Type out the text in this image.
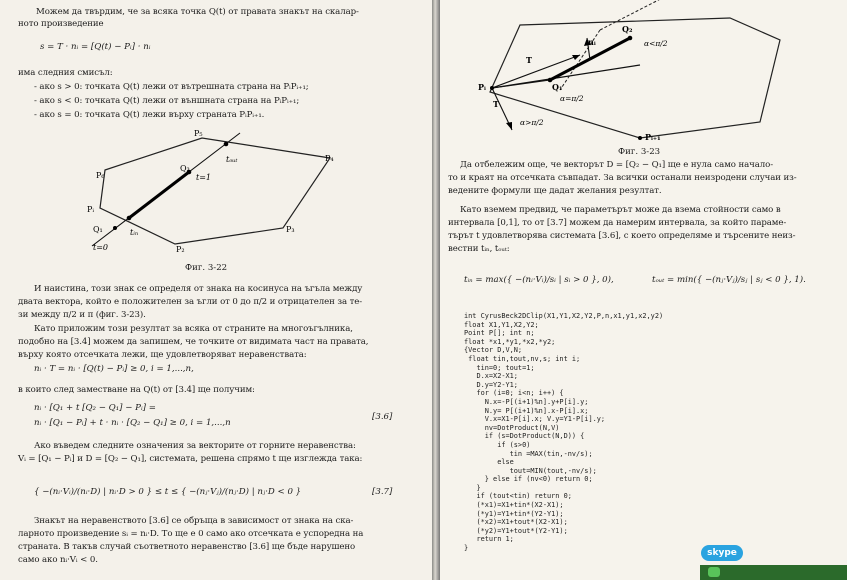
Можем да твърдим, че за всяка точка Q(t) от правата знакът на скалар-
ното произведение
има следния смисъл:
- ако s > 0: точката Q(t) лежи от вътрешната страна на PᵢPᵢ₊₁;
- ако s < 0: точката Q(t) лежи от външната страна на PᵢPᵢ₊₁;
- ако s = 0: точката Q(t) лежи върху страната PᵢPᵢ₊₁.
И наистина, този знак се определя от знака на косинуса на ъгъла между
двата вектора, който е положителен за ъгли от 0 до π/2 и отрицателен за те-
зи между π/2 и π (фиг. 3-23).
Като приложим този резултат за всяка от страните на многоъгълника,
подобно на [3.4] можем да запишем, че точките от видимата част на правата,
върху която отсечката лежи, ще удовлетворяват неравенствата:
в които след заместване на Q(t) от [3.4] ще получим:
Ако въведем следните означения за векторите от горните неравенства:
Vᵢ = [Q₁ − Pᵢ] и D = [Q₂ − Q₁], системата, решена спрямо t ще изглежда така:
Знакът на неравенството [3.6] се обръща в зависимост от знака на ска-
ларното произведение sᵢ = nᵢ·D. То ще е 0 само ако отсечката е успоредна на
страната. В такъв случай съответното неравенство [3.6] ще бъде нарушено
само ако nᵢ·Vᵢ < 0.
s = T · nᵢ = [Q(t) − Pᵢ] · nᵢ
nᵢ · T = nᵢ · [Q(t) − Pᵢ] ≥ 0, i = 1,...,n,
nᵢ · [Q₁ + t [Q₂ − Q₁] − Pᵢ] =
nᵢ · [Q₁ − Pᵢ] + t · nᵢ · [Q₂ − Q₁] ≥ 0, i = 1,...,n
[3.6]
{ −(nᵢ·Vᵢ)/(nᵢ·D) | nᵢ·D > 0 } ≤ t ≤ { −(nⱼ·Vⱼ)/(nⱼ·D) | nⱼ·D < 0 }	[3.7]
P₅
P₄
P₃
P₂
P₆
Pᵢ
Q₁
t=0
tᵢₙ
Q₂
t=1
tₒᵤₜ
Фиг. 3-22
nᵢ
Q₂
α<π/2
T
Pᵢ	Q₁
α=π/2
T
α>π/2
Pᵢ₊₁
Фиг. 3-23
Да отбележим още, че векторът D = [Q₂ − Q₁] ще е нула само начало-
то и краят на отсечката съвпадат. За всички останали неизродени случаи из-
ведените формули ще дадат желания резултат.
Като вземем предвид, че параметърът може да взема стойности само в
интервала [0,1], то от [3.7] можем да намерим интервала, за който параме-
търът t удовлетворява системата [3.6], с което определяме и търсените неиз-
вестни tᵢₙ, tₒᵤₜ:
tᵢₙ = max({ −(nᵢ·Vᵢ)/sᵢ | sᵢ > 0 }, 0),	tₒᵤₜ = min({ −(nⱼ·Vⱼ)/sⱼ | sⱼ < 0 }, 1).
int CyrusBeck2DClip(X1,Y1,X2,Y2,P,n,x1,y1,x2,y2)
float X1,Y1,X2,Y2;
Point P[]; int n;
float *x1,*y1,*x2,*y2;
{Vector D,V,N;
float tin,tout,nv,s; int i;
tin=0; tout=1;
D.x=X2-X1;
D.y=Y2-Y1;
for (i=0; i<n; i++) {
N.x=-P[(i+1)%n].y+P[i].y;
N.y= P[(i+1)%n].x-P[i].x;
V.x=X1-P[i].x; V.y=Y1-P[i].y;
nv=DotProduct(N,V)
if (s=DotProduct(N,D)) {
if (s>0)
tin =MAX(tin,-nv/s);
else
tout=MIN(tout,-nv/s);
} else if (nv<0) return 0;
}
if (tout<tin) return 0;
(*x1)=X1+tin*(X2-X1);
(*y1)=Y1+tin*(Y2-Y1);
(*x2)=X1+tout*(X2-X1);
(*y2)=Y1+tout*(Y2-Y1);
return 1;
}	skype
